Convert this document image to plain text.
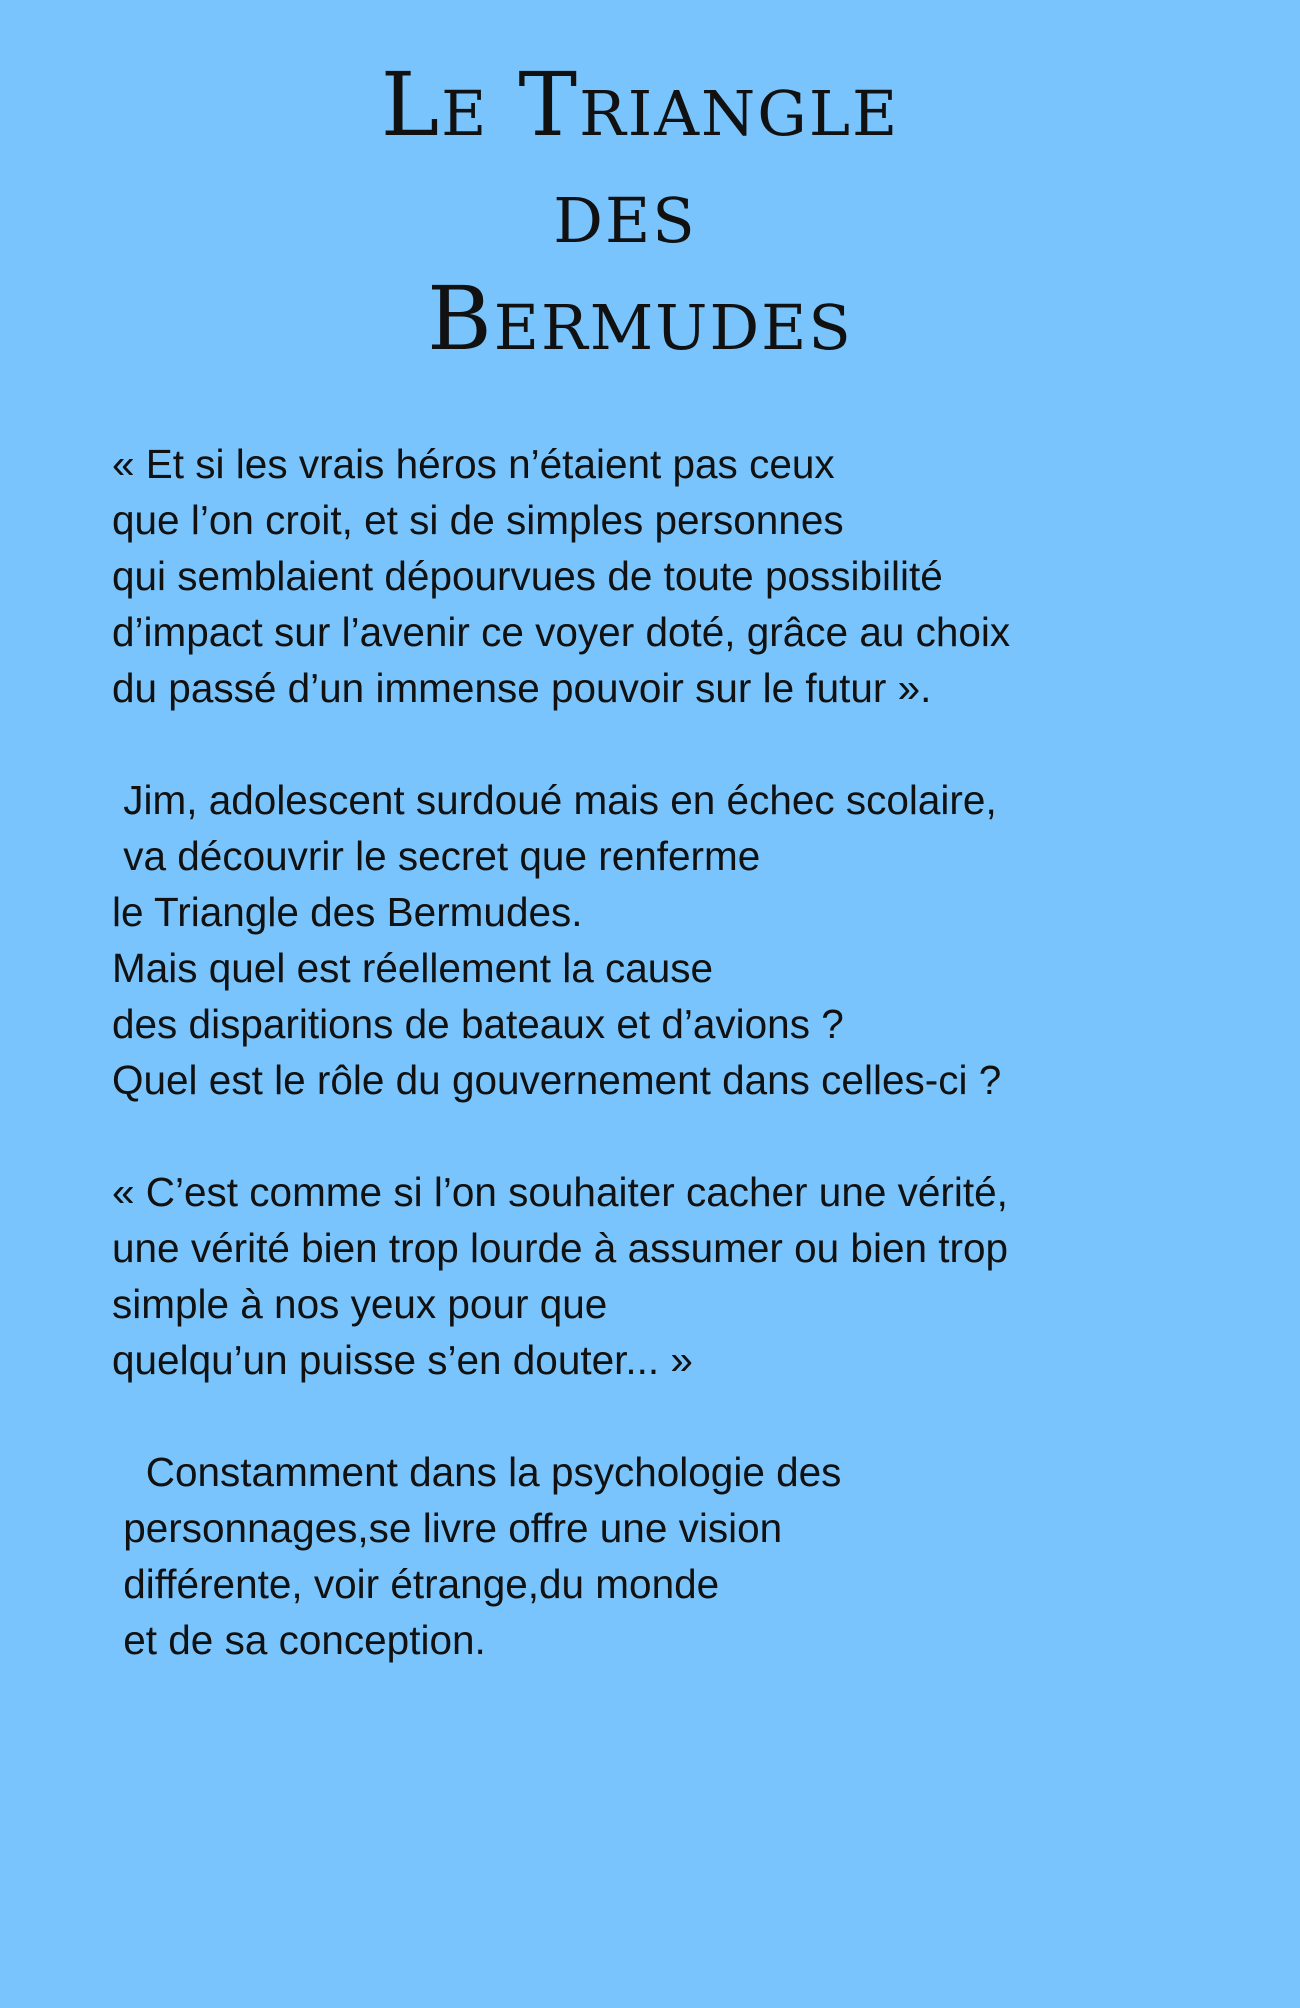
Le Triangle
des
Bermudes
« Et si les vrais héros n’étaient pas ceux
que l’on croit, et si de simples personnes
qui semblaient dépourvues de toute possibilité
d’impact sur l’avenir ce voyer doté, grâce au choix
du passé d’un immense pouvoir sur le futur ».
Jim, adolescent surdoué mais en échec scolaire,
va découvrir le secret que renferme
le Triangle des Bermudes.
Mais quel est réellement la cause
des disparitions de bateaux et d’avions ?
Quel est le rôle du gouvernement dans celles-ci ?
« C’est comme si l’on souhaiter cacher une vérité,
une vérité bien trop lourde à assumer ou bien trop
simple à nos yeux pour que
quelqu’un puisse s’en douter... »
Constamment dans la psychologie des
personnages,se livre offre une vision
différente, voir étrange,du monde
et de sa conception.
